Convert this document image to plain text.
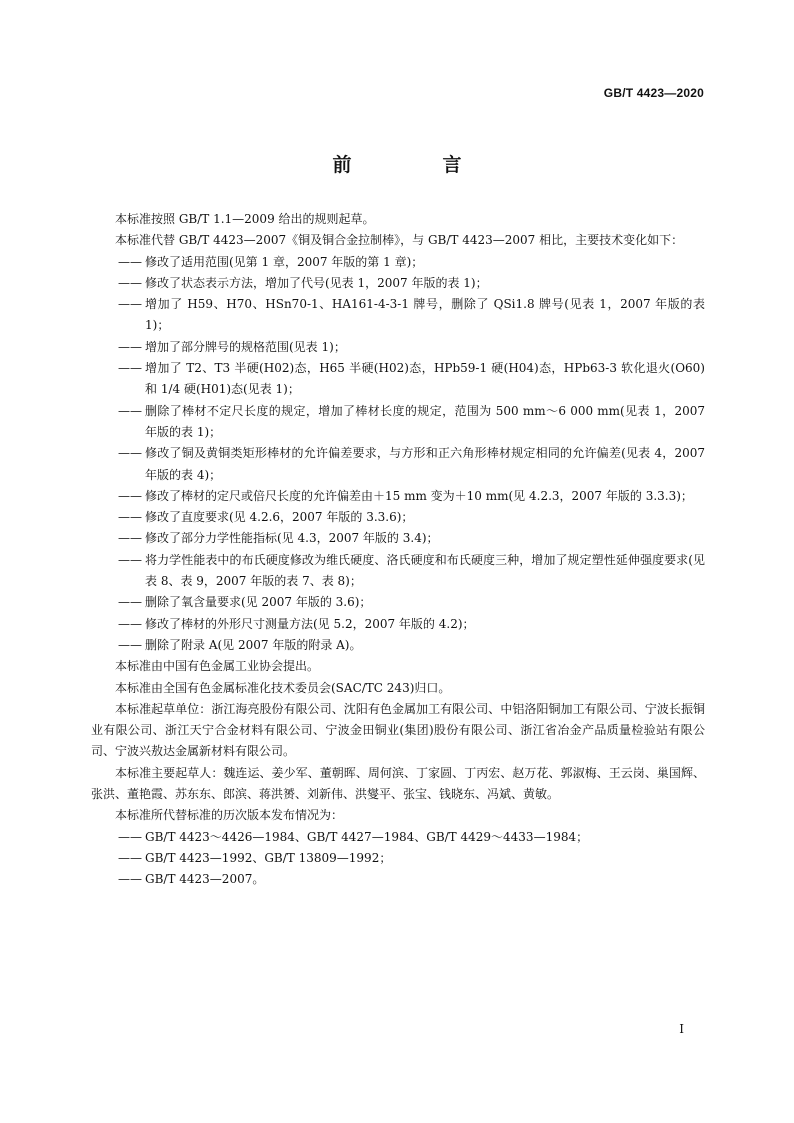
GB/T 4423—2020
前　言

本标准按照 GB/T 1.1—2009 给出的规则起草。

本标准代替 GB/T 4423—2007《铜及铜合金拉制棒》，与 GB/T 4423—2007 相比，主要技术变化如下：

—— 修改了适用范围(见第 1 章，2007 年版的第 1 章)；

—— 修改了状态表示方法，增加了代号(见表 1，2007 年版的表 1)；

—— 增加了 H59、H70、HSn70-1、HA161-4-3-1 牌号，删除了 QSi1.8 牌号(见表 1，2007 年版的表 1)；

—— 增加了部分牌号的规格范围(见表 1)；

—— 增加了 T2、T3 半硬(H02)态，H65 半硬(H02)态，HPb59-1 硬(H04)态，HPb63-3 软化退火(O60)和 1/4 硬(H01)态(见表 1)；

—— 删除了棒材不定尺长度的规定，增加了棒材长度的规定，范围为 500 mm～6 000 mm(见表 1，2007 年版的表 1)；

—— 修改了铜及黄铜类矩形棒材的允许偏差要求，与方形和正六角形棒材规定相同的允许偏差(见表 4，2007 年版的表 4)；

—— 修改了棒材的定尺或倍尺长度的允许偏差由＋15 mm 变为＋10 mm(见 4.2.3，2007 年版的 3.3.3)；

—— 修改了直度要求(见 4.2.6，2007 年版的 3.3.6)；

—— 修改了部分力学性能指标(见 4.3，2007 年版的 3.4)；

—— 将力学性能表中的布氏硬度修改为维氏硬度、洛氏硬度和布氏硬度三种，增加了规定塑性延伸强度要求(见表 8、表 9，2007 年版的表 7、表 8)；

—— 删除了氧含量要求(见 2007 年版的 3.6)；

—— 修改了棒材的外形尺寸测量方法(见 5.2，2007 年版的 4.2)；

—— 删除了附录 A(见 2007 年版的附录 A)。

本标准由中国有色金属工业协会提出。

本标准由全国有色金属标准化技术委员会(SAC/TC 243)归口。

本标准起草单位：浙江海亮股份有限公司、沈阳有色金属加工有限公司、中铝洛阳铜加工有限公司、宁波长振铜业有限公司、浙江天宁合金材料有限公司、宁波金田铜业(集团)股份有限公司、浙江省冶金产品质量检验站有限公司、宁波兴敖达金属新材料有限公司。

本标准主要起草人：魏连运、姜少军、董朝晖、周何滨、丁家圆、丁丙宏、赵万花、郭淑梅、王云岗、巢国辉、张洪、董艳霞、苏东东、郎滨、蒋洪赟、刘新伟、洪燮平、张宝、钱晓东、冯斌、黄敏。

本标准所代替标准的历次版本发布情况为：

—— GB/T 4423～4426—1984、GB/T 4427—1984、GB/T 4429～4433—1984；

—— GB/T 4423—1992、GB/T 13809—1992；

—— GB/T 4423—2007。

I
